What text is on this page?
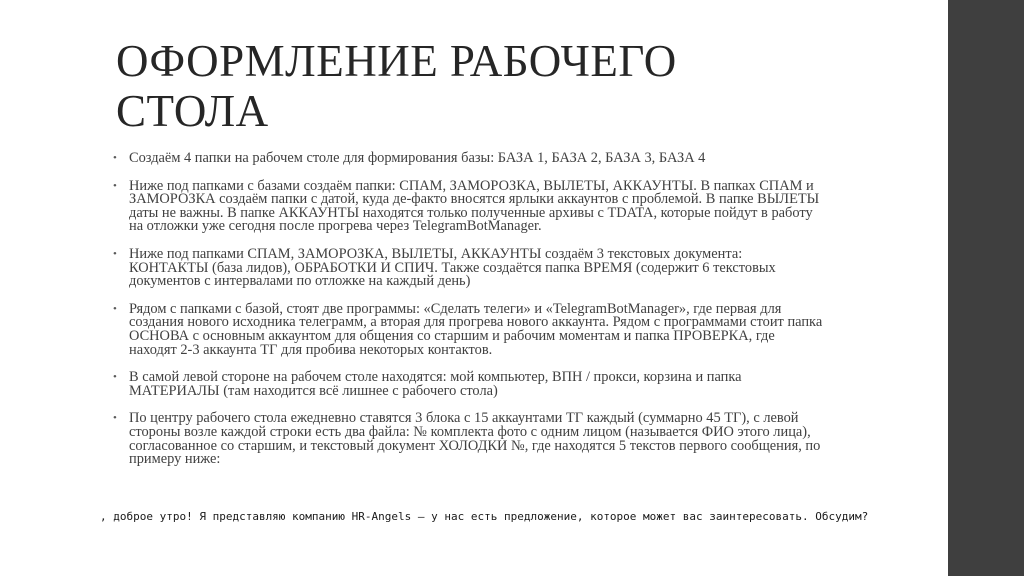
ОФОРМЛЕНИЕ РАБОЧЕГО
СТОЛА
• Создаём 4 папки на рабочем столе для формирования базы: БАЗА 1, БАЗА 2, БАЗА 3, БАЗА 4
• Ниже под папками с базами создаём папки: СПАМ, ЗАМОРОЗКА, ВЫЛЕТЫ, АККАУНТЫ. В папках СПАМ и ЗАМОРОЗКА создаём папки с датой, куда де-факто вносятся ярлыки аккаунтов с проблемой. В папке ВЫЛЕТЫ даты не важны. В папке АККАУНТЫ находятся только полученные архивы с TDATA, которые пойдут в работу на отложки уже сегодня после прогрева через TelegramBotManager.
• Ниже под папками СПАМ, ЗАМОРОЗКА, ВЫЛЕТЫ, АККАУНТЫ создаём 3 текстовых документа: КОНТАКТЫ (база лидов), ОБРАБОТКИ И СПИЧ. Также создаётся папка ВРЕМЯ (содержит 6 текстовых документов с интервалами по отложке на каждый день)
• Рядом с папками с базой, стоят две программы: «Сделать телеги» и «TelegramBotManager», где первая для создания нового исходника телеграмм, а вторая для прогрева нового аккаунта. Рядом с программами стоит папка ОСНОВА с основным аккаунтом для общения со старшим и рабочим моментам и папка ПРОВЕРКА, где находят 2-3 аккаунта ТГ для пробива некоторых контактов.
• В самой левой стороне на рабочем столе находятся: мой компьютер, ВПН / прокси, корзина и папка МАТЕРИАЛЫ (там находится всё лишнее с рабочего стола)
• По центру рабочего стола ежедневно ставятся 3 блока с 15 аккаунтами ТГ каждый (суммарно 45 ТГ), с левой стороны возле каждой строки есть два файла: № комплекта фото с одним лицом (называется ФИО этого лица), согласованное со старшим, и текстовый документ ХОЛОДКИ №, где находятся 5 текстов первого сообщения, по примеру ниже:
, доброе утро! Я представляю компанию HR-Angels – у нас есть предложение, которое может вас заинтересовать. Обсудим?
